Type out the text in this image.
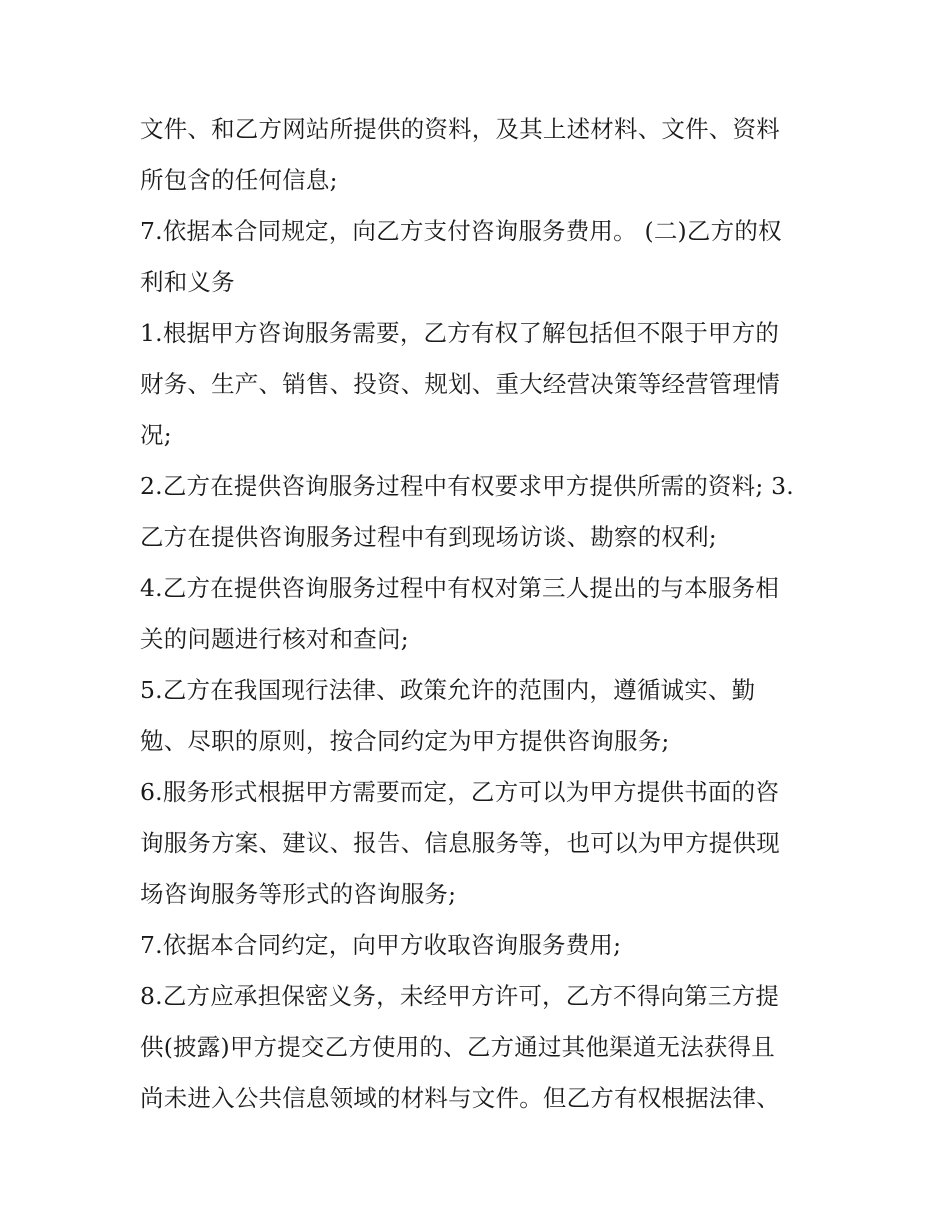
文件、和乙方网站所提供的资料，及其上述材料、文件、资料
所包含的任何信息;
7.依据本合同规定，向乙方支付咨询服务费用。 (二)乙方的权
利和义务
1.根据甲方咨询服务需要，乙方有权了解包括但不限于甲方的
财务、生产、销售、投资、规划、重大经营决策等经营管理情
况;
2.乙方在提供咨询服务过程中有权要求甲方提供所需的资料; 3.
乙方在提供咨询服务过程中有到现场访谈、勘察的权利;
4.乙方在提供咨询服务过程中有权对第三人提出的与本服务相
关的问题进行核对和查问;
5.乙方在我国现行法律、政策允许的范围内，遵循诚实、勤
勉、尽职的原则，按合同约定为甲方提供咨询服务;
6.服务形式根据甲方需要而定，乙方可以为甲方提供书面的咨
询服务方案、建议、报告、信息服务等，也可以为甲方提供现
场咨询服务等形式的咨询服务;
7.依据本合同约定，向甲方收取咨询服务费用;
8.乙方应承担保密义务，未经甲方许可，乙方不得向第三方提
供(披露)甲方提交乙方使用的、乙方通过其他渠道无法获得且
尚未进入公共信息领域的材料与文件。但乙方有权根据法律、
